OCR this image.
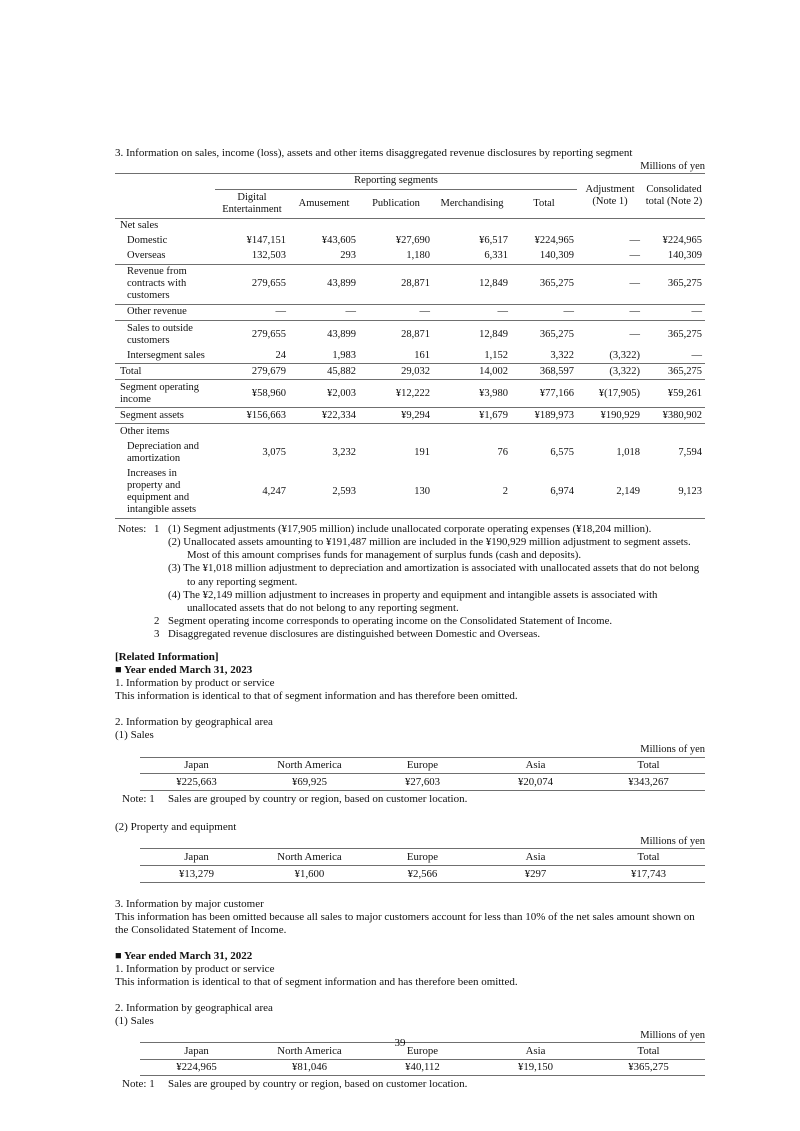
3. Information on sales, income (loss), assets and other items disaggregated revenue disclosures by reporting segment
Millions of yen
	Reporting segments					Adjustment (Note 1)	Consolidated total (Note 2)
	Digital Entertainment	Amusement	Publication	Merchandising	Total		
Net sales							
Domestic	¥147,151	¥43,605	¥27,690	¥6,517	¥224,965	—	¥224,965
Overseas	132,503	293	1,180	6,331	140,309	—	140,309
Revenue from contracts with customers	279,655	43,899	28,871	12,849	365,275	—	365,275
Other revenue	—	—	—	—	—	—	—
Sales to outside customers	279,655	43,899	28,871	12,849	365,275	—	365,275
Intersegment sales	24	1,983	161	1,152	3,322	(3,322)	—
Total	279,679	45,882	29,032	14,002	368,597	(3,322)	365,275
Segment operating income	¥58,960	¥2,003	¥12,222	¥3,980	¥77,166	¥(17,905)	¥59,261
Segment assets	¥156,663	¥22,334	¥9,294	¥1,679	¥189,973	¥190,929	¥380,902
Other items							
Depreciation and amortization	3,075	3,232	191	76	6,575	1,018	7,594
Increases in property and equipment and intangible assets	4,247	2,593	130	2	6,974	2,149	9,123
Notes: 1 (1) Segment adjustments (¥17,905 million) include unallocated corporate operating expenses (¥18,204 million).
(2) Unallocated assets amounting to ¥191,487 million are included in the ¥190,929 million adjustment to segment assets. Most of this amount comprises funds for management of surplus funds (cash and deposits).
(3) The ¥1,018 million adjustment to depreciation and amortization is associated with unallocated assets that do not belong to any reporting segment.
(4) The ¥2,149 million adjustment to increases in property and equipment and intangible assets is associated with unallocated assets that do not belong to any reporting segment.
2 Segment operating income corresponds to operating income on the Consolidated Statement of Income.
3 Disaggregated revenue disclosures are distinguished between Domestic and Overseas.
[Related Information]
■ Year ended March 31, 2023
1. Information by product or service
This information is identical to that of segment information and has therefore been omitted.
2. Information by geographical area
(1) Sales
Millions of yen
Japan	North America	Europe	Asia	Total
¥225,663	¥69,925	¥27,603	¥20,074	¥343,267
Note: 1	Sales are grouped by country or region, based on customer location.
(2) Property and equipment
Millions of yen
Japan	North America	Europe	Asia	Total
¥13,279	¥1,600	¥2,566	¥297	¥17,743
3. Information by major customer
This information has been omitted because all sales to major customers account for less than 10% of the net sales amount shown on the Consolidated Statement of Income.
■ Year ended March 31, 2022
1. Information by product or service
This information is identical to that of segment information and has therefore been omitted.
2. Information by geographical area
(1) Sales
Millions of yen
Japan	North America	Europe	Asia	Total
¥224,965	¥81,046	¥40,112	¥19,150	¥365,275
Note: 1	Sales are grouped by country or region, based on customer location.
39
